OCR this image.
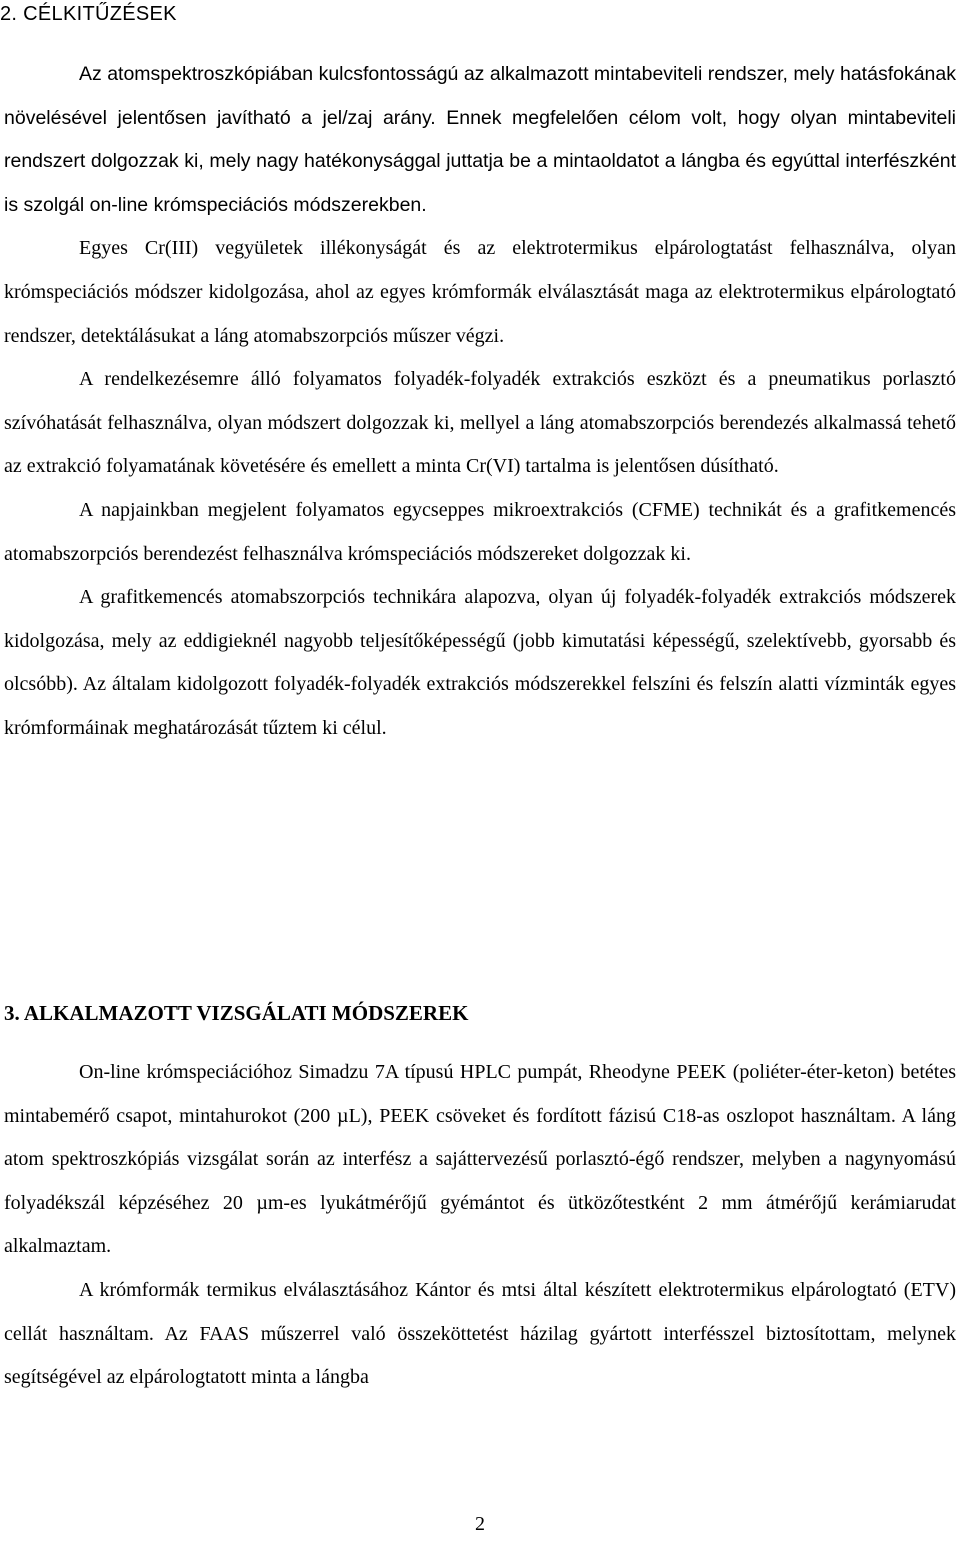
2. CÉLKITŰZÉSEK

Az atomspektroszkópiában kulcsfontosságú az alkalmazott mintabeviteli rendszer, mely hatásfokának növelésével jelentősen javítható a jel/zaj arány. Ennek megfelelően célom volt, hogy olyan mintabeviteli rendszert dolgozzak ki, mely nagy hatékonysággal juttatja be a mintaoldatot a lángba és egyúttal interfészként is szolgál on-line krómspeciációs módszerekben.

Egyes Cr(III) vegyületek illékonyságát és az elektrotermikus elpárologtatást felhasználva, olyan krómspeciációs módszer kidolgozása, ahol az egyes krómformák elválasztását maga az elektrotermikus elpárologtató rendszer, detektálásukat a láng atomabszorpciós műszer végzi.

A rendelkezésemre álló folyamatos folyadék-folyadék extrakciós eszközt és a pneumatikus porlasztó szívóhatását felhasználva, olyan módszert dolgozzak ki, mellyel a láng atomabszorpciós berendezés alkalmassá tehető az extrakció folyamatának követésére és emellett a minta Cr(VI) tartalma is jelentősen dúsítható.

A napjainkban megjelent folyamatos egycseppes mikroextrakciós (CFME) technikát és a grafitkemencés atomabszorpciós berendezést felhasználva krómspeciációs módszereket dolgozzak ki.

A grafitkemencés atomabszorpciós technikára alapozva, olyan új folyadék-folyadék extrakciós módszerek kidolgozása, mely az eddigieknél nagyobb teljesítőképességű (jobb kimutatási képességű, szelektívebb, gyorsabb és olcsóbb). Az általam kidolgozott folyadék-folyadék extrakciós módszerekkel felszíni és felszín alatti vízminták egyes krómformáinak meghatározását tűztem ki célul.

3. ALKALMAZOTT VIZSGÁLATI MÓDSZEREK

On-line krómspeciációhoz Simadzu 7A típusú HPLC pumpát, Rheodyne PEEK (poliéter-éter-keton) betétes mintabemérő csapot, mintahurokot (200 µL), PEEK csöveket és fordított fázisú C18-as oszlopot használtam. A láng atom spektroszkópiás vizsgálat során az interfész a sajáttervezésű porlasztó-égő rendszer, melyben a nagynyomású folyadékszál képzéséhez 20 µm-es lyukátmérőjű gyémántot és ütközőtestként 2 mm átmérőjű kerámiarudat alkalmaztam.

A krómformák termikus elválasztásához Kántor és mtsi által készített elektrotermikus elpárologtató (ETV) cellát használtam. Az FAAS műszerrel való összeköttetést házilag gyártott interfésszel biztosítottam, melynek segítségével az elpárologtatott minta a lángba

2
